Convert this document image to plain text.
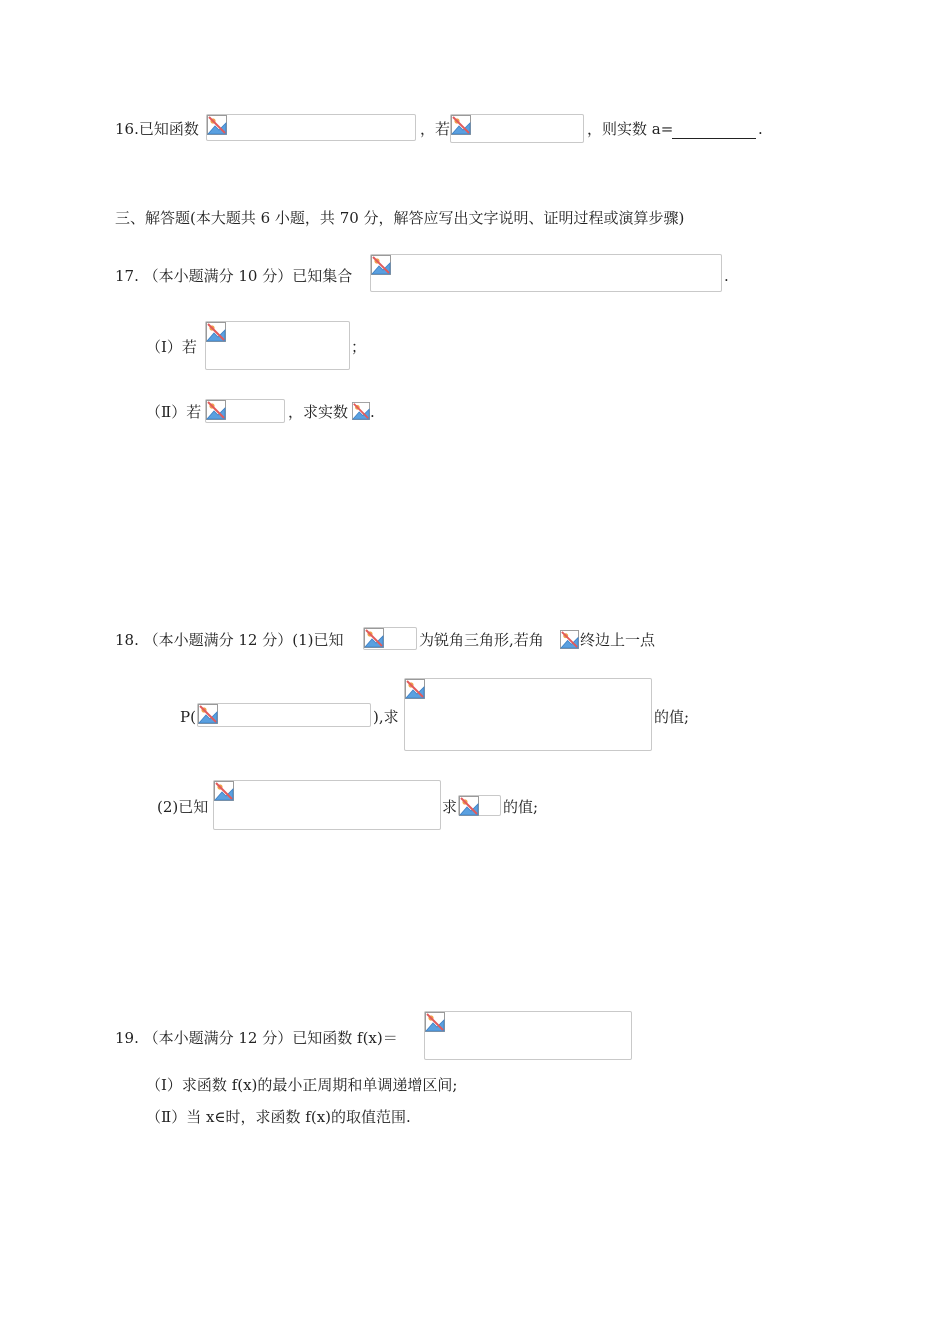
16.已知函数	，若	，则实数 a=	.
三、解答题(本大题共 6 小题，共 70 分，解答应写出文字说明、证明过程或演算步骤)
17. （本小题满分 10 分）已知集合	.
（Ⅰ）若	；
（Ⅱ）若	，求实数 .
18. （本小题满分 12 分）(1)已知	为锐角三角形,若角 终边上一点
P(	),求	的值;
(2)已知	求	的值;
19. （本小题满分 12 分）已知函数 f(x)＝
（Ⅰ）求函数 f(x)的最小正周期和单调递增区间;
（Ⅱ）当 x∈时，求函数 f(x)的取值范围.
